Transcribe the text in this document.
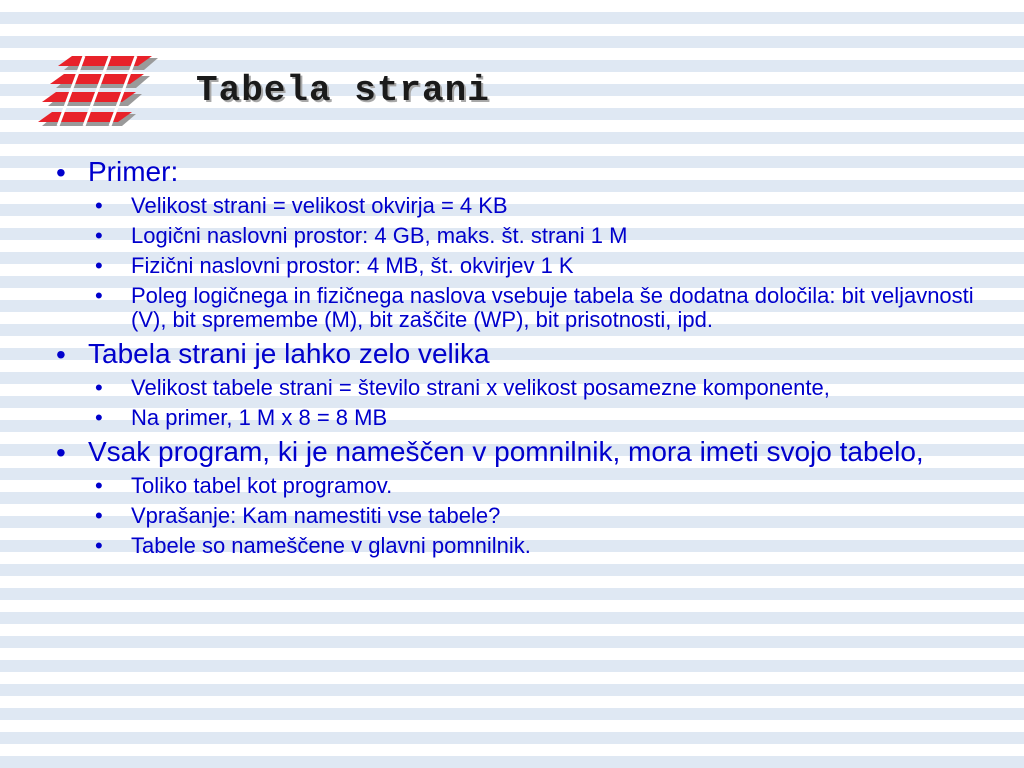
Tabela strani
• Primer:
• Velikost strani = velikost okvirja = 4 KB
• Logični naslovni prostor: 4 GB, maks. št. strani 1 M
• Fizični naslovni prostor: 4 MB, št. okvirjev 1 K
• Poleg logičnega in fizičnega naslova vsebuje tabela še dodatna določila: bit veljavnosti (V), bit spremembe (M), bit zaščite (WP), bit prisotnosti, ipd.
• Tabela strani je lahko zelo velika
• Velikost tabele strani = število strani x velikost posamezne komponente,
• Na primer, 1 M x 8 = 8 MB
• Vsak program, ki je nameščen v pomnilnik, mora imeti svojo tabelo,
• Toliko tabel kot programov.
• Vprašanje: Kam namestiti vse tabele?
• Tabele so nameščene v glavni pomnilnik.
